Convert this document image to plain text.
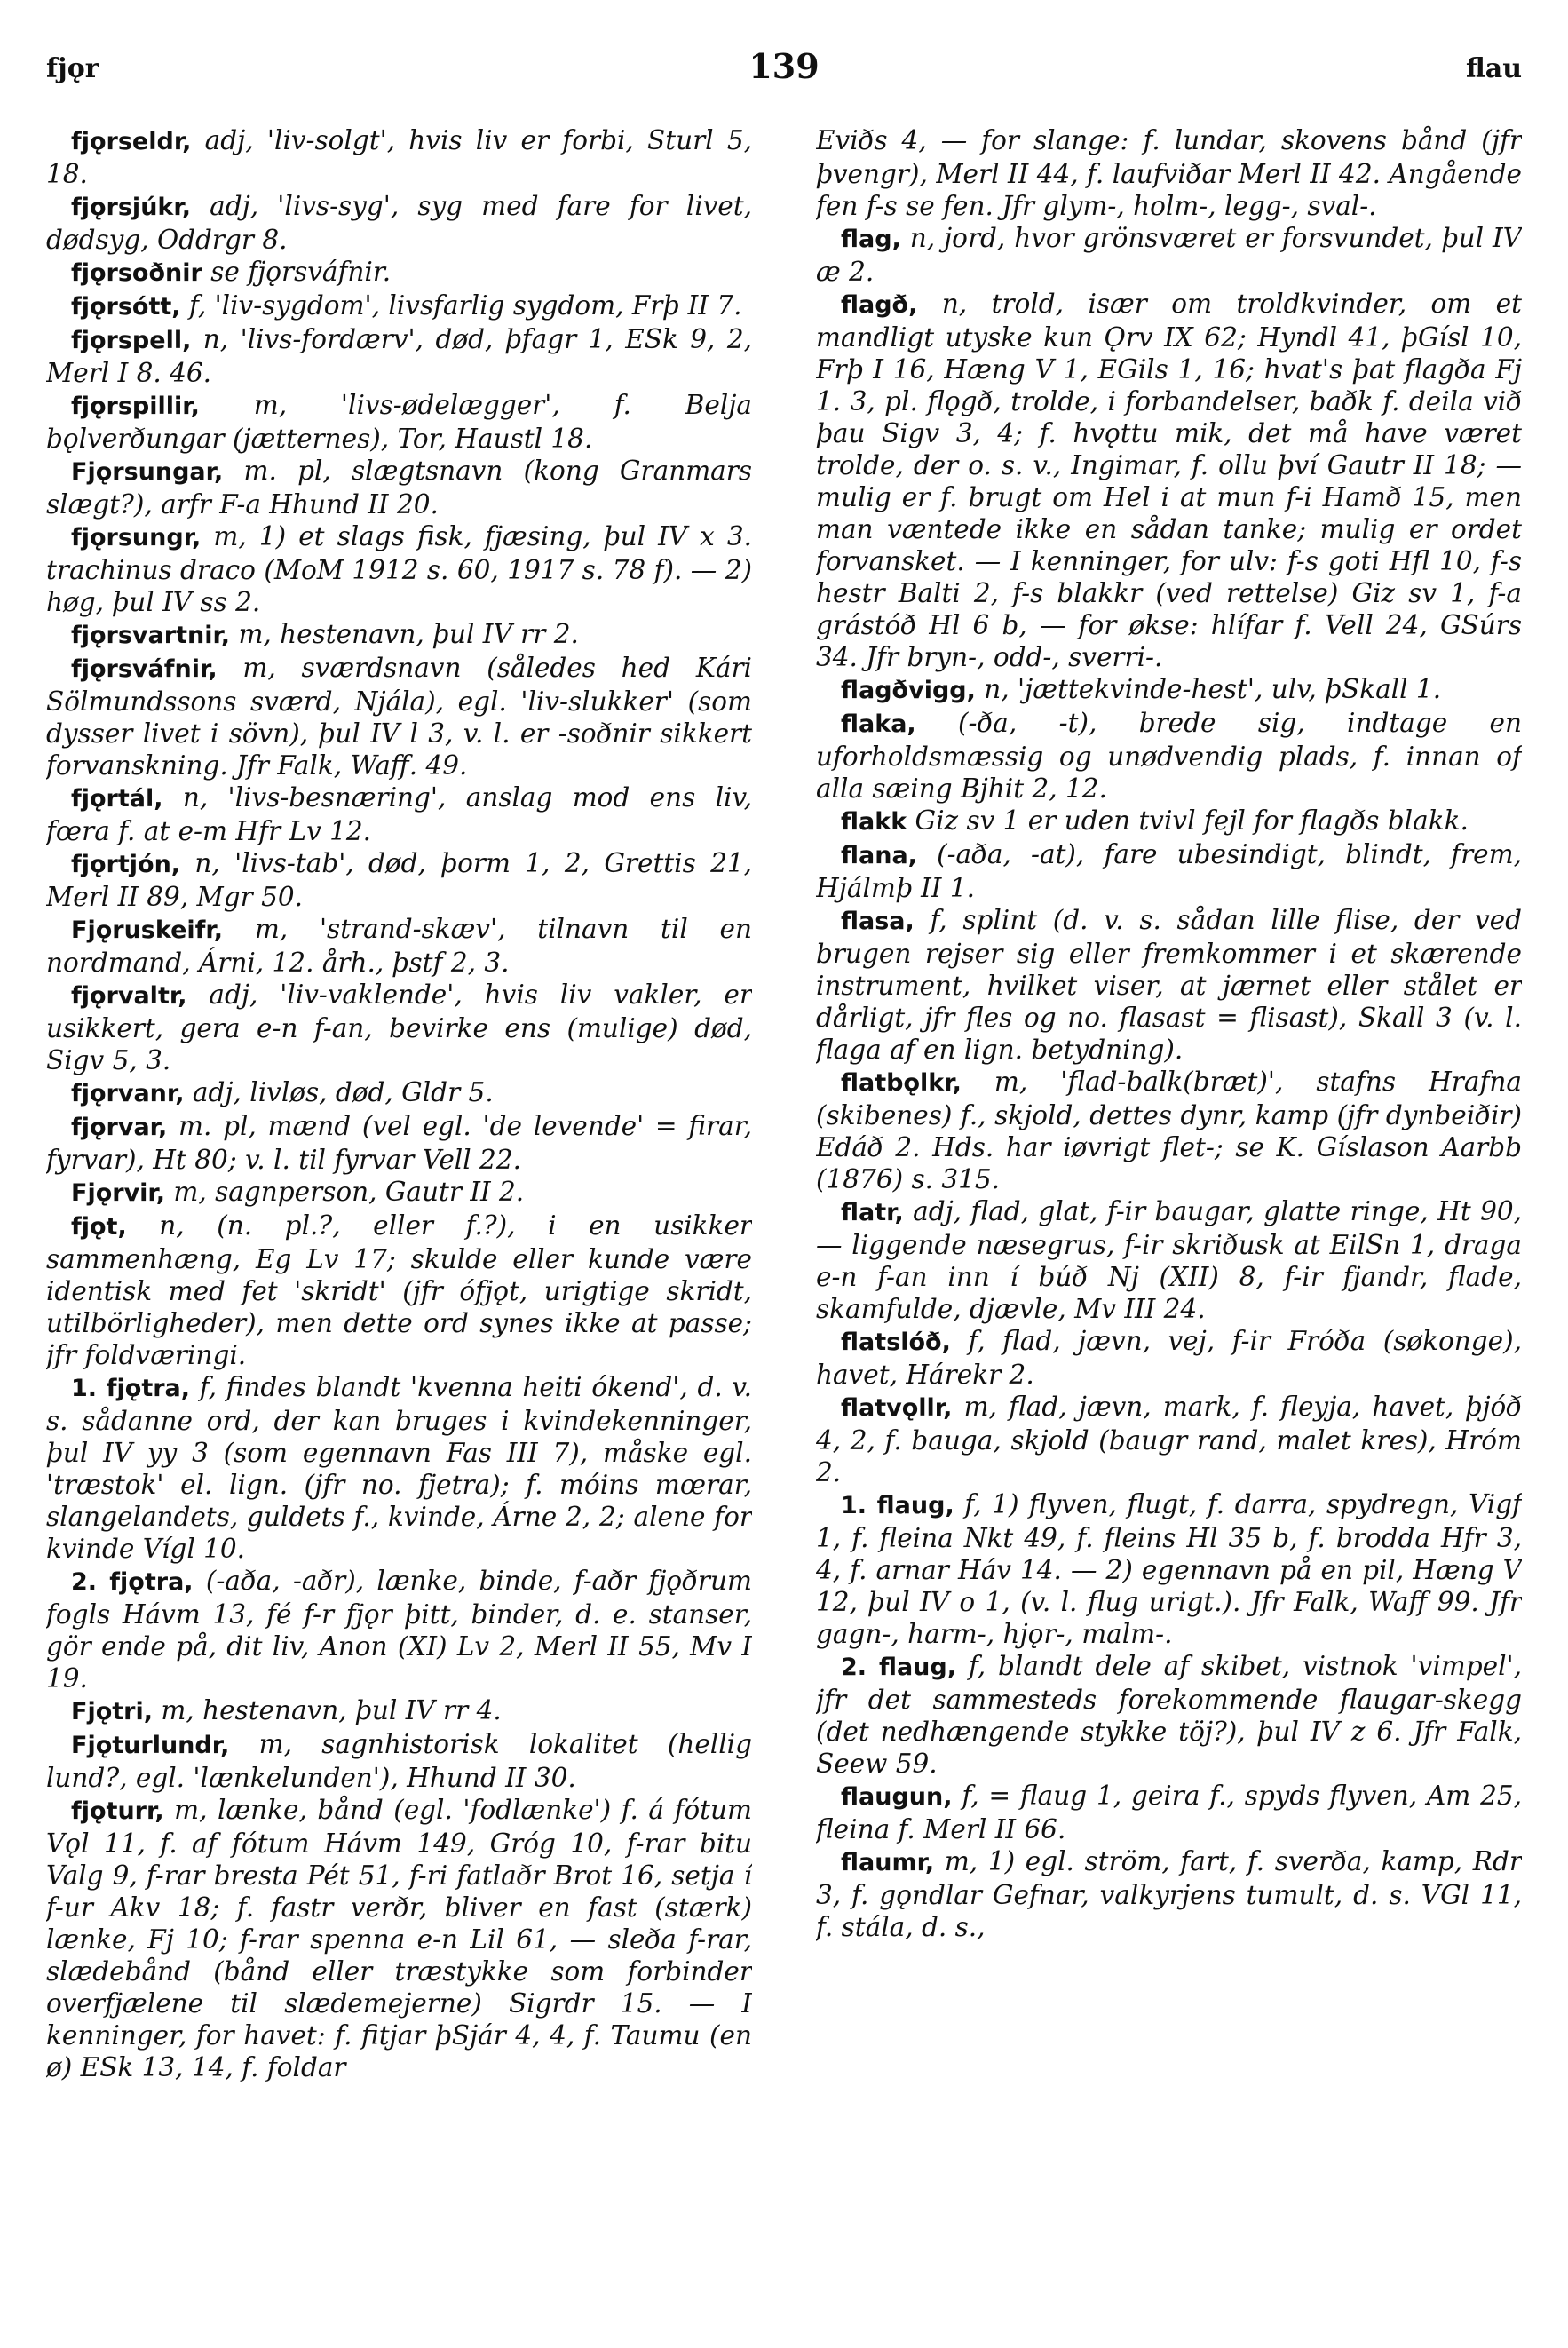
fjǫr	139	flau

fjǫrseldr, adj, 'liv-solgt', hvis liv er forbi, Sturl 5, 18.

fjǫrsjúkr, adj, 'livs-syg', syg med fare for livet, dødsyg, Oddrgr 8.

fjǫrsoðnir se fjǫrsváfnir.

fjǫrsótt, f, 'liv-sygdom', livsfarlig sygdom, Frþ II 7.

fjǫrspell, n, 'livs-fordærv', død, þfagr 1, ESk 9, 2, Merl I 8. 46.

fjǫrspillir, m, 'livs-ødelægger', f. Belja bǫlverðungar (jætternes), Tor, Haustl 18.

Fjǫrsungar, m. pl, slægtsnavn (kong Granmars slægt?), arfr F-a Hhund II 20.

fjǫrsungr, m, 1) et slags fisk, fjæsing, þul IV x 3. trachinus draco (MoM 1912 s. 60, 1917 s. 78 f). — 2) høg, þul IV ss 2.

fjǫrsvartnir, m, hestenavn, þul IV rr 2.

fjǫrsváfnir, m, sværdsnavn (således hed Kári Sölmundssons sværd, Njála), egl. 'liv-slukker' (som dysser livet i sövn), þul IV l 3, v. l. er -soðnir sikkert forvanskning. Jfr Falk, Waff. 49.

fjǫrtál, n, 'livs-besnæring', anslag mod ens liv, fœra f. at e-m Hfr Lv 12.

fjǫrtjón, n, 'livs-tab', død, þorm 1, 2, Grettis 21, Merl II 89, Mgr 50.

Fjǫruskeifr, m, 'strand-skæv', tilnavn til en nordmand, Árni, 12. årh., þstf 2, 3.

fjǫrvaltr, adj, 'liv-vaklende', hvis liv vakler, er usikkert, gera e-n f-an, bevirke ens (mulige) død, Sigv 5, 3.

fjǫrvanr, adj, livløs, død, Gldr 5.

fjǫrvar, m. pl, mænd (vel egl. 'de levende' = firar, fyrvar), Ht 80; v. l. til fyrvar Vell 22.

Fjǫrvir, m, sagnperson, Gautr II 2.

fjǫt, n, (n. pl.?, eller f.?), i en usikker sammenhæng, Eg Lv 17; skulde eller kunde være identisk med fet 'skridt' (jfr ófjǫt, urigtige skridt, utilbörligheder), men dette ord synes ikke at passe; jfr foldværingi.

1. fjǫtra, f, findes blandt 'kvenna heiti ókend', d. v. s. sådanne ord, der kan bruges i kvindekenninger, þul IV yy 3 (som egennavn Fas III 7), måske egl. 'træstok' el. lign. (jfr no. fjetra); f. móins mœrar, slangelandets, guldets f., kvinde, Árne 2, 2; alene for kvinde Vígl 10.

2. fjǫtra, (-aða, -aðr), lænke, binde, f-aðr fjǫðrum fogls Hávm 13, fé f-r fjǫr þitt, binder, d. e. stanser, gör ende på, dit liv, Anon (XI) Lv 2, Merl II 55, Mv I 19.

Fjǫtri, m, hestenavn, þul IV rr 4.

Fjǫturlundr, m, sagnhistorisk lokalitet (hellig lund?, egl. 'lænkelunden'), Hhund II 30.

fjǫturr, m, lænke, bånd (egl. 'fodlænke') f. á fótum Vǫl 11, f. af fótum Hávm 149, Gróg 10, f-rar bitu Valg 9, f-rar bresta Pét 51, f-ri fatlaðr Brot 16, setja í f-ur Akv 18; f. fastr verðr, bliver en fast (stærk) lænke, Fj 10; f-rar spenna e-n Lil 61, — sleða f-rar, slædebånd (bånd eller træstykke som forbinder overfjælene til slædemejerne) Sigrdr 15. — I kenninger, for havet: f. fitjar þSjár 4, 4, f. Taumu (en ø) ESk 13, 14, f. foldar

Eviðs 4, — for slange: f. lundar, skovens bånd (jfr þvengr), Merl II 44, f. laufviðar Merl II 42. Angående fen f-s se fen. Jfr glym-, holm-, legg-, sval-.

flag, n, jord, hvor grönsværet er forsvundet, þul IV æ 2.

flagð, n, trold, især om troldkvinder, om et mandligt utyske kun Ǫrv IX 62; Hyndl 41, þGísl 10, Frþ I 16, Hæng V 1, EGils 1, 16; hvat's þat flagða Fj 1. 3, pl. flǫgð, trolde, i forbandelser, baðk f. deila við þau Sigv 3, 4; f. hvǫttu mik, det må have været trolde, der o. s. v., Ingimar, f. ollu því Gautr II 18; — mulig er f. brugt om Hel i at mun f-i Hamð 15, men man væntede ikke en sådan tanke; mulig er ordet forvansket. — I kenninger, for ulv: f-s goti Hfl 10, f-s hestr Balti 2, f-s blakkr (ved rettelse) Giz sv 1, f-a grástóð Hl 6 b, — for økse: hlífar f. Vell 24, GSúrs 34. Jfr bryn-, odd-, sverri-.

flagðvigg, n, 'jættekvinde-hest', ulv, þSkall 1.

flaka, (-ða, -t), brede sig, indtage en uforholdsmæssig og unødvendig plads, f. innan of alla sæing Bjhit 2, 12.

flakk Giz sv 1 er uden tvivl fejl for flagðs blakk.

flana, (-aða, -at), fare ubesindigt, blindt, frem, Hjálmþ II 1.

flasa, f, splint (d. v. s. sådan lille flise, der ved brugen rejser sig eller fremkommer i et skærende instrument, hvilket viser, at jærnet eller stålet er dårligt, jfr fles og no. flasast = flisast), Skall 3 (v. l. flaga af en lign. betydning).

flatbǫlkr, m, 'flad-balk(bræt)', stafns Hrafna (skibenes) f., skjold, dettes dynr, kamp (jfr dynbeiðir) Edáð 2. Hds. har iøvrigt flet-; se K. Gíslason Aarbb (1876) s. 315.

flatr, adj, flad, glat, f-ir baugar, glatte ringe, Ht 90, — liggende næsegrus, f-ir skriðusk at EilSn 1, draga e-n f-an inn í búð Nj (XII) 8, f-ir fjandr, flade, skamfulde, djævle, Mv III 24.

flatslóð, f, flad, jævn, vej, f-ir Fróða (søkonge), havet, Hárekr 2.

flatvǫllr, m, flad, jævn, mark, f. fleyja, havet, þjóð 4, 2, f. bauga, skjold (baugr rand, malet kres), Hróm 2.

1. flaug, f, 1) flyven, flugt, f. darra, spydregn, Vigf 1, f. fleina Nkt 49, f. fleins Hl 35 b, f. brodda Hfr 3, 4, f. arnar Háv 14. — 2) egennavn på en pil, Hæng V 12, þul IV o 1, (v. l. flug urigt.). Jfr Falk, Waff 99. Jfr gagn-, harm-, hjǫr-, malm-.

2. flaug, f, blandt dele af skibet, vistnok 'vimpel', jfr det sammesteds forekommende flaugar-skegg (det nedhængende stykke töj?), þul IV z 6. Jfr Falk, Seew 59.

flaugun, f, = flaug 1, geira f., spyds flyven, Am 25, fleina f. Merl II 66.

flaumr, m, 1) egl. ström, fart, f. sverða, kamp, Rdr 3, f. gǫndlar Gefnar, valkyrjens tumult, d. s. VGl 11, f. stála, d. s.,
